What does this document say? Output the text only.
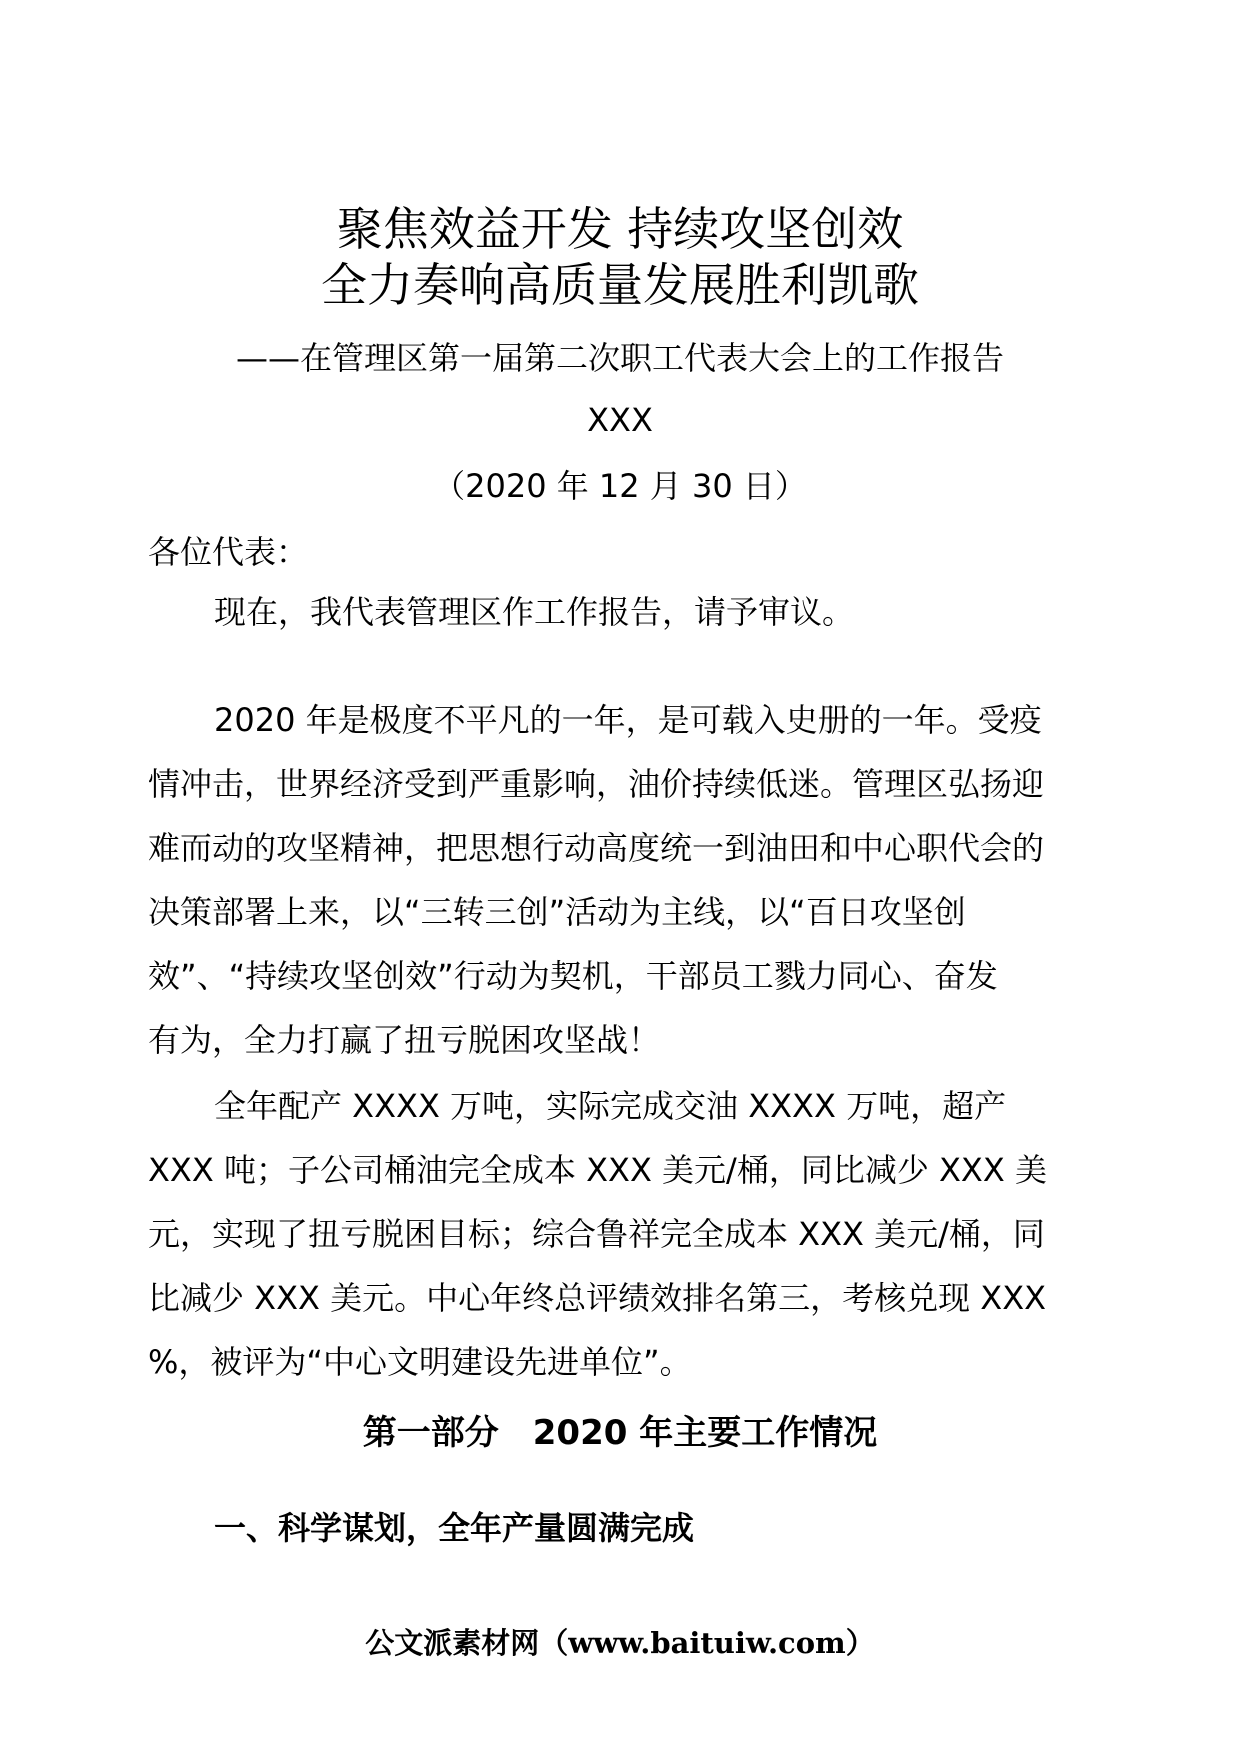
聚焦效益开发 持续攻坚创效
全力奏响高质量发展胜利凯歌
——在管理区第一届第二次职工代表大会上的工作报告
XXX
（2020 年 12 月 30 日）
各位代表：
现在，我代表管理区作工作报告，请予审议。
2020 年是极度不平凡的一年，是可载入史册的一年。受疫
情冲击，世界经济受到严重影响，油价持续低迷。管理区弘扬迎
难而动的攻坚精神，把思想行动高度统一到油田和中心职代会的
决策部署上来，以“三转三创”活动为主线，以“百日攻坚创
效”、“持续攻坚创效”行动为契机，干部员工戮力同心、奋发
有为，全力打赢了扭亏脱困攻坚战！
全年配产 XXXX 万吨，实际完成交油 XXXX 万吨，超产
XXX 吨；子公司桶油完全成本 XXX 美元/桶，同比减少 XXX 美
元，实现了扭亏脱困目标；综合鲁祥完全成本 XXX 美元/桶，同
比减少 XXX 美元。中心年终总评绩效排名第三，考核兑现 XXX
%，被评为“中心文明建设先进单位”。
第一部分　2020 年主要工作情况
一、科学谋划，全年产量圆满完成
公文派素材网（www.baituiw.com）
